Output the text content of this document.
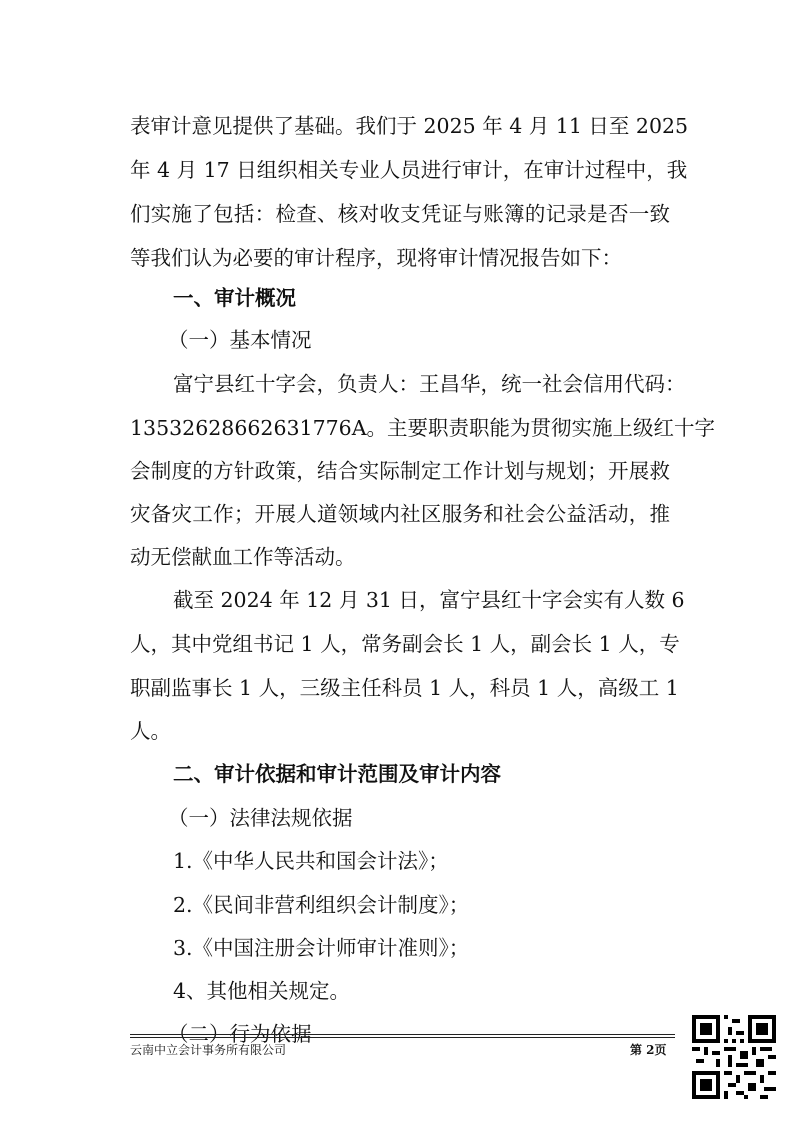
表审计意见提供了基础。我们于 2025 年 4 月 11 日至 2025
年 4 月 17 日组织相关专业人员进行审计，在审计过程中，我
们实施了包括：检查、核对收支凭证与账簿的记录是否一致
等我们认为必要的审计程序，现将审计情况报告如下：
一、审计概况
（一）基本情况
富宁县红十字会，负责人：王昌华，统一社会信用代码：
13532628662631776A。主要职责职能为贯彻实施上级红十字
会制度的方针政策，结合实际制定工作计划与规划；开展救
灾备灾工作；开展人道领域内社区服务和社会公益活动，推
动无偿献血工作等活动。
截至 2024 年 12 月 31 日，富宁县红十字会实有人数 6
人，其中党组书记 1 人，常务副会长 1 人，副会长 1 人，专
职副监事长 1 人，三级主任科员 1 人，科员 1 人，高级工 1
人。
二、审计依据和审计范围及审计内容
（一）法律法规依据
1.《中华人民共和国会计法》；
2.《民间非营利组织会计制度》；
3.《中国注册会计师审计准则》；
4、其他相关规定。
（二）行为依据
云南中立会计事务所有限公司	第 2页
